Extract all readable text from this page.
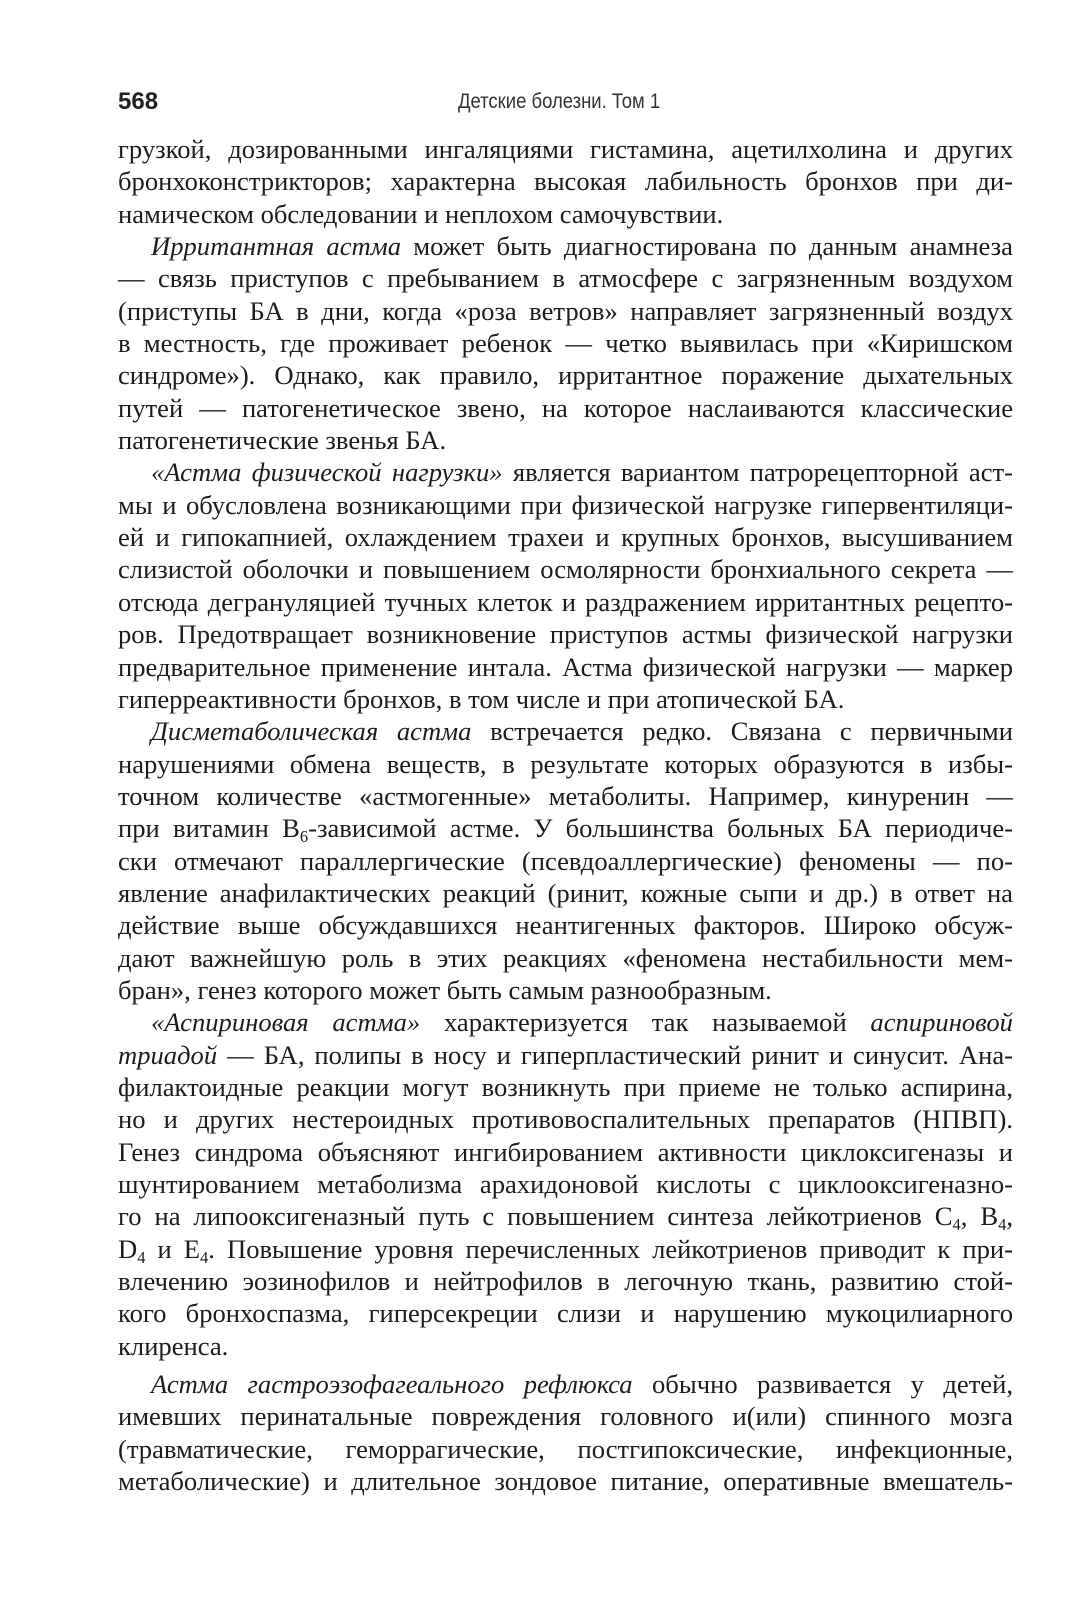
568	Детские болезни. Том 1
грузкой, дозированными ингаляциями гистамина, ацетилхолина и других
бронхоконстрикторов; характерна высокая лабильность бронхов при ди-
намическом обследовании и неплохом самочувствии.
Ирритантная астма может быть диагностирована по данным анамнеза
— связь приступов с пребыванием в атмосфере с загрязненным воздухом
(приступы БА в дни, когда «роза ветров» направляет загрязненный воздух
в местность, где проживает ребенок — четко выявилась при «Киришском
синдроме»). Однако, как правило, ирритантное поражение дыхательных
путей — патогенетическое звено, на которое наслаиваются классические
патогенетические звенья БА.
«Астма физической нагрузки» является вариантом патрорецепторной аст-
мы и обусловлена возникающими при физической нагрузке гипервентиляци-
ей и гипокапнией, охлаждением трахеи и крупных бронхов, высушиванием
слизистой оболочки и повышением осмолярности бронхиального секрета —
отсюда дегрануляцией тучных клеток и раздражением ирритантных рецепто-
ров. Предотвращает возникновение приступов астмы физической нагрузки
предварительное применение интала. Астма физической нагрузки — маркер
гиперреактивности бронхов, в том числе и при атопической БА.
Дисметаболическая астма встречается редко. Связана с первичными
нарушениями обмена веществ, в результате которых образуются в избы-
точном количестве «астмогенные» метаболиты. Например, кинуренин —
при витамин $В_6$-зависимой астме. У большинства больных БА периодиче-
ски отмечают параллергические (псевдоаллергические) феномены — по-
явление анафилактических реакций (ринит, кожные сыпи и др.) в ответ на
действие выше обсуждавшихся неантигенных факторов. Широко обсуж-
дают важнейшую роль в этих реакциях «феномена нестабильности мем-
бран», генез которого может быть самым разнообразным.
«Аспириновая астма» характеризуется так называемой аспириновой
триадой — БА, полипы в носу и гиперпластический ринит и синусит. Ана-
филактоидные реакции могут возникнуть при приеме не только аспирина,
но и других нестероидных противовоспалительных препаратов (НПВП).
Генез синдрома объясняют ингибированием активности циклоксигеназы и
шунтированием метаболизма арахидоновой кислоты с циклооксигеназно-
го на липооксигеназный путь с повышением синтеза лейкотриенов $С_4$, $В_4$,
$D_4$ и $Е_4$. Повышение уровня перечисленных лейкотриенов приводит к при-
влечению эозинофилов и нейтрофилов в легочную ткань, развитию стой-
кого бронхоспазма, гиперсекреции слизи и нарушению мукоцилиарного
клиренса.
Астма гастроэзофагеального рефлюкса обычно развивается у детей,
имевших перинатальные повреждения головного и(или) спинного мозга
(травматические, геморрагические, постгипоксические, инфекционные,
метаболические) и длительное зондовое питание, оперативные вмешатель-
